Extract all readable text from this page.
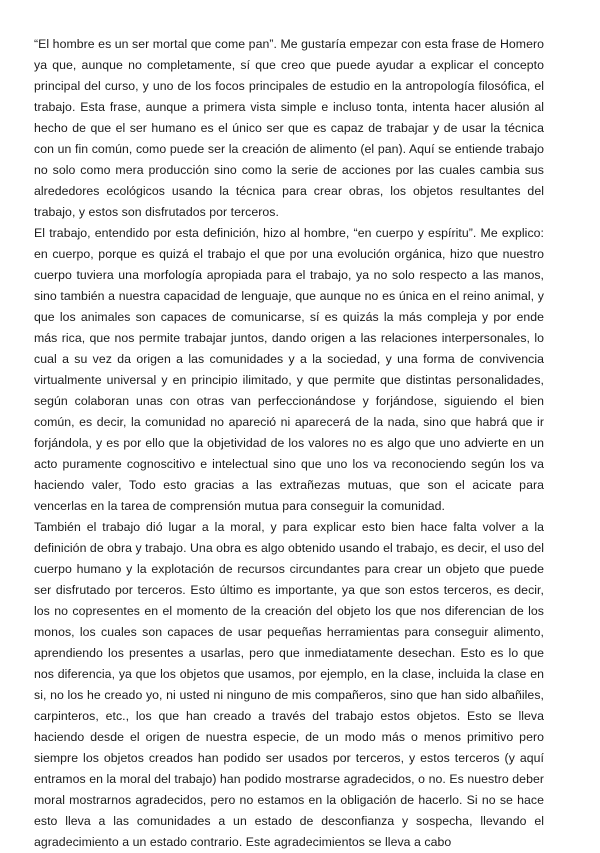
“El hombre es un ser mortal que come pan”. Me gustaría empezar con esta frase de Homero ya que, aunque no completamente, sí que creo que puede ayudar a explicar el concepto principal del curso, y uno de los focos principales de estudio en la antropología filosófica, el trabajo. Esta frase, aunque a primera vista simple e incluso tonta, intenta hacer alusión al hecho de que el ser humano es el único ser que es capaz de trabajar y de usar la técnica con un fin común, como puede ser la creación de alimento (el pan). Aquí se entiende trabajo no solo como mera producción sino como la serie de acciones por las cuales cambia sus alrededores ecológicos usando la técnica para crear obras, los objetos resultantes del trabajo, y estos son disfrutados por terceros.

El trabajo, entendido por esta definición, hizo al hombre, “en cuerpo y espíritu”. Me explico: en cuerpo, porque es quizá el trabajo el que por una evolución orgánica, hizo que nuestro cuerpo tuviera una morfología apropiada para el trabajo, ya no solo respecto a las manos, sino también a nuestra capacidad de lenguaje, que aunque no es única en el reino animal, y que los animales son capaces de comunicarse, sí es quizás la más compleja y por ende más rica, que nos permite trabajar juntos, dando origen a las relaciones interpersonales, lo cual a su vez da origen a las comunidades y a la sociedad, y una forma de convivencia virtualmente universal y en principio ilimitado, y que permite que distintas personalidades, según colaboran unas con otras van perfeccionándose y forjándose, siguiendo el bien común, es decir, la comunidad no apareció ni aparecerá de la nada, sino que habrá que ir forjándola, y es por ello que la objetividad de los valores no es algo que uno advierte en un acto puramente cognoscitivo e intelectual sino que uno los va reconociendo según los va haciendo valer, Todo esto gracias a las extrañezas mutuas, que son el acicate para vencerlas en la tarea de comprensión mutua para conseguir la comunidad.

También el trabajo dió lugar a la moral, y para explicar esto bien hace falta volver a la definición de obra y trabajo. Una obra es algo obtenido usando el trabajo, es decir, el uso del cuerpo humano y la explotación de recursos circundantes para crear un objeto que puede ser disfrutado por terceros. Esto último es importante, ya que son estos terceros, es decir, los no copresentes en el momento de la creación del objeto los que nos diferencian de los monos, los cuales son capaces de usar pequeñas herramientas para conseguir alimento, aprendiendo los presentes a usarlas, pero que inmediatamente desechan. Esto es lo que nos diferencia, ya que los objetos que usamos, por ejemplo, en la clase, incluida la clase en si, no los he creado yo, ni usted ni ninguno de mis compañeros, sino que han sido albañiles, carpinteros, etc., los que han creado a través del trabajo estos objetos. Esto se lleva haciendo desde el origen de nuestra especie, de un modo más o menos primitivo pero siempre los objetos creados han podido ser usados por terceros, y estos terceros (y aquí entramos en la moral del trabajo) han podido mostrarse agradecidos, o no. Es nuestro deber moral mostrarnos agradecidos, pero no estamos en la obligación de hacerlo. Si no se hace esto lleva a las comunidades a un estado de desconfianza y sospecha, llevando el agradecimiento a un estado contrario. Este agradecimientos se lleva a cabo
